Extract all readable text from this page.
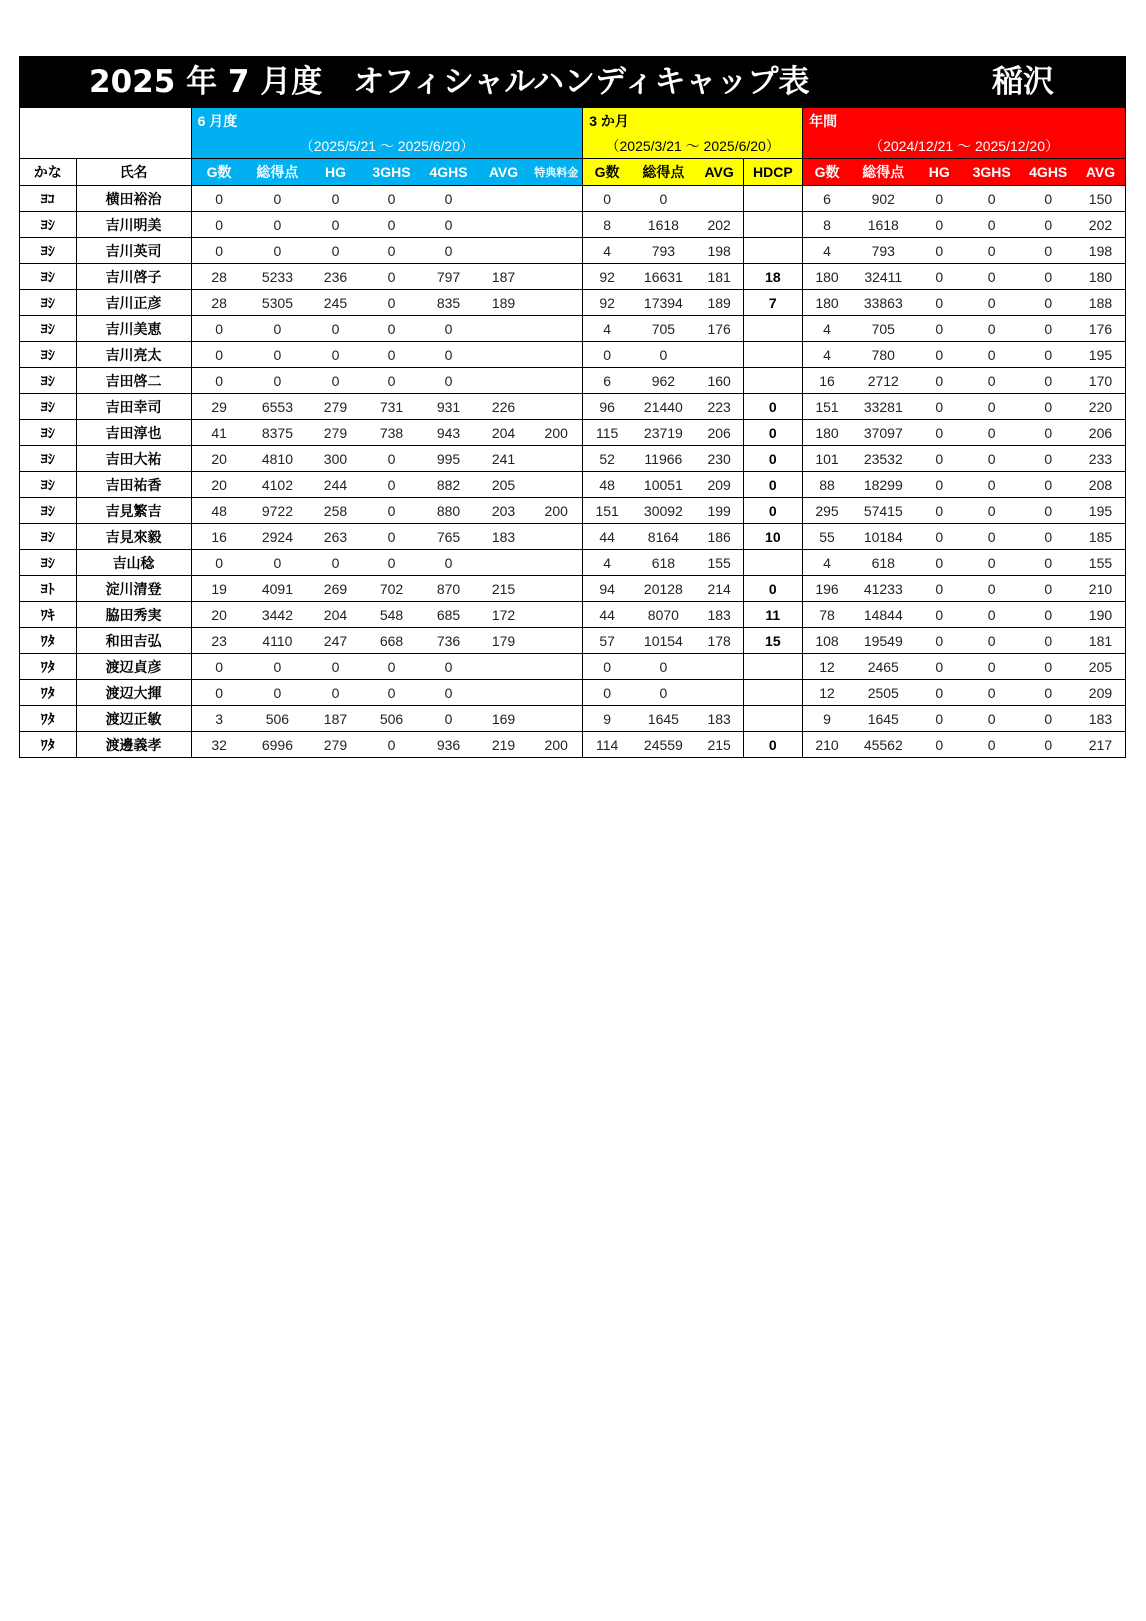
2025 年 7 月度　オフィシャルハンディキャップ表	稲沢
		6 月度							3 か月				年間					
		（2025/5/21 ～ 2025/6/20）							（2025/3/21 ～ 2025/6/20）				（2024/12/21 ～ 2025/12/20）					
かな	氏名	G数	総得点	HG	3GHS	4GHS	AVG	特典料金	G数	総得点	AVG	HDCP	G数	総得点	HG	3GHS	4GHS	AVG
ﾖｺ	横田裕治	0	0	0	0	0			0	0			6	902	0	0	0	150
ﾖｼ	吉川明美	0	0	0	0	0			8	1618	202		8	1618	0	0	0	202
ﾖｼ	吉川英司	0	0	0	0	0			4	793	198		4	793	0	0	0	198
ﾖｼ	吉川啓子	28	5233	236	0	797	187		92	16631	181	18	180	32411	0	0	0	180
ﾖｼ	吉川正彦	28	5305	245	0	835	189		92	17394	189	7	180	33863	0	0	0	188
ﾖｼ	吉川美恵	0	0	0	0	0			4	705	176		4	705	0	0	0	176
ﾖｼ	吉川亮太	0	0	0	0	0			0	0			4	780	0	0	0	195
ﾖｼ	吉田啓二	0	0	0	0	0			6	962	160		16	2712	0	0	0	170
ﾖｼ	吉田幸司	29	6553	279	731	931	226		96	21440	223	0	151	33281	0	0	0	220
ﾖｼ	吉田淳也	41	8375	279	738	943	204	200	115	23719	206	0	180	37097	0	0	0	206
ﾖｼ	吉田大祐	20	4810	300	0	995	241		52	11966	230	0	101	23532	0	0	0	233
ﾖｼ	吉田祐香	20	4102	244	0	882	205		48	10051	209	0	88	18299	0	0	0	208
ﾖｼ	吉見繁吉	48	9722	258	0	880	203	200	151	30092	199	0	295	57415	0	0	0	195
ﾖｼ	吉見來毅	16	2924	263	0	765	183		44	8164	186	10	55	10184	0	0	0	185
ﾖｼ	吉山稔	0	0	0	0	0			4	618	155		4	618	0	0	0	155
ﾖﾄ	淀川清登	19	4091	269	702	870	215		94	20128	214	0	196	41233	0	0	0	210
ﾜｷ	脇田秀実	20	3442	204	548	685	172		44	8070	183	11	78	14844	0	0	0	190
ﾜﾀ	和田吉弘	23	4110	247	668	736	179		57	10154	178	15	108	19549	0	0	0	181
ﾜﾀ	渡辺貞彦	0	0	0	0	0			0	0			12	2465	0	0	0	205
ﾜﾀ	渡辺大揮	0	0	0	0	0			0	0			12	2505	0	0	0	209
ﾜﾀ	渡辺正敏	3	506	187	506	0	169		9	1645	183		9	1645	0	0	0	183
ﾜﾀ	渡邊義孝	32	6996	279	0	936	219	200	114	24559	215	0	210	45562	0	0	0	217
